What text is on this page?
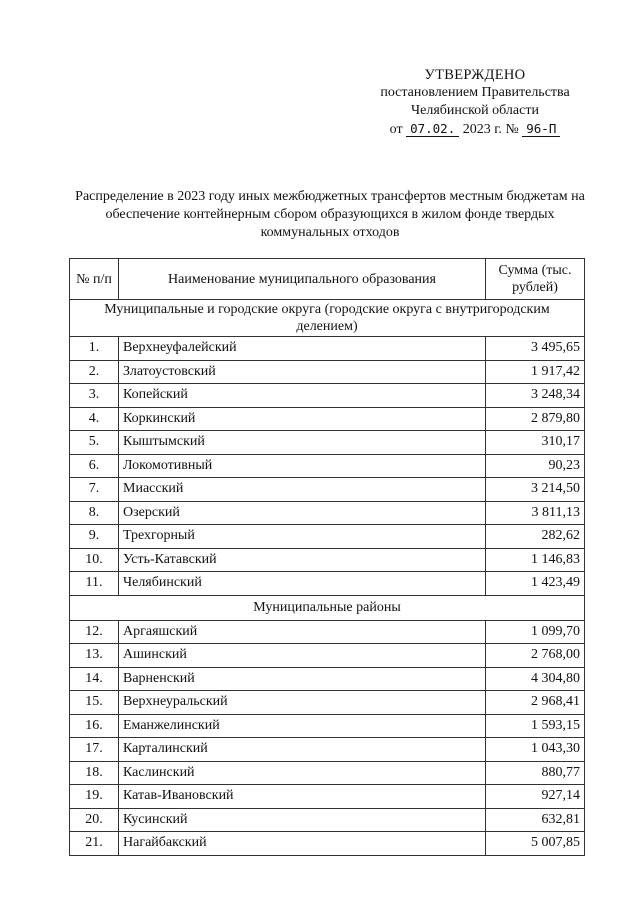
УТВЕРЖДЕНО
постановлением Правительства
Челябинской области
от 07.02. 2023 г. № 96-П
Распределение в 2023 году иных межбюджетных трансфертов местным бюджетам на обеспечение контейнерным сбором образующихся в жилом фонде твердых коммунальных отходов
№ п/п	Наименование муниципального образования	Сумма (тыс. рублей)
Муниципальные и городские округа (городские округа с внутригородским делением)		
1.	Верхнеуфалейский	3 495,65
2.	Златоустовский	1 917,42
3.	Копейский	3 248,34
4.	Коркинский	2 879,80
5.	Кыштымский	310,17
6.	Локомотивный	90,23
7.	Миасский	3 214,50
8.	Озерский	3 811,13
9.	Трехгорный	282,62
10.	Усть-Катавский	1 146,83
11.	Челябинский	1 423,49
Муниципальные районы		
12.	Аргаяшский	1 099,70
13.	Ашинский	2 768,00
14.	Варненский	4 304,80
15.	Верхнеуральский	2 968,41
16.	Еманжелинский	1 593,15
17.	Карталинский	1 043,30
18.	Каслинский	880,77
19.	Катав-Ивановский	927,14
20.	Кусинский	632,81
21.	Нагайбакский	5 007,85
